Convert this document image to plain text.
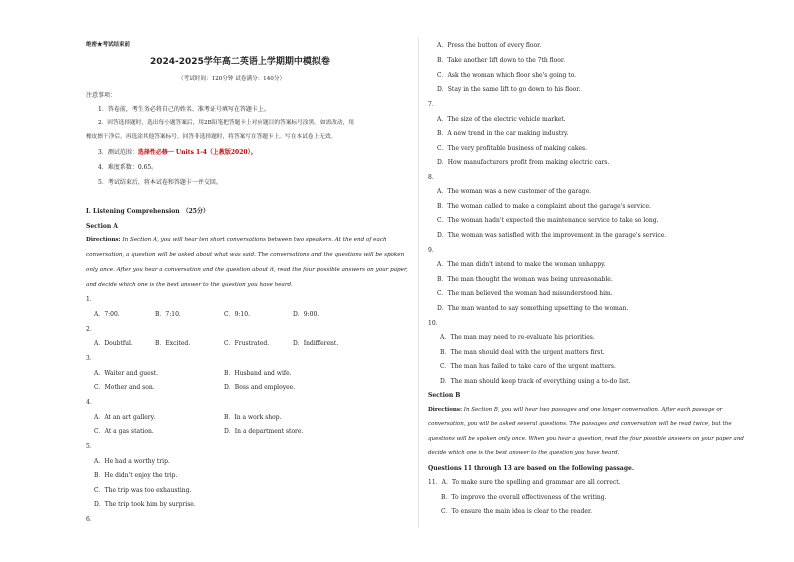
绝密★考试结束前
2024-2025学年高二英语上学期期中模拟卷
（考试时间：120分钟 试卷满分：140分）
注意事项：
1．答卷前，考生务必将自己的姓名、准考证号填写在答题卡上。
2．回答选择题时，选出每小题答案后，用2B铅笔把答题卡上对应题目的答案标号涂黑。如需改动，用
橡皮擦干净后，再选涂其他答案标号。回答非选择题时，将答案写在答题卡上。写在本试卷上无效。
3．测试范围：选择性必修一 Units 1-4（上教版2020）。
4．难度系数：0.65。
5．考试结束后，将本试卷和答题卡一并交回。
I. Listening Comprehension　（25分）
Section A
Directions: In Section A, you will hear ten short conversations between two speakers. At the end of each
conversation, a question will be asked about what was said. The conversations and the questions will be spoken
only once. After you hear a conversation and the question about it, read the four possible answers on your paper,
and decide which one is the best answer to the question you have heard.
1．
A．7:00.	B．7:10.	C．9:10.	D．9:00.
2．
A．Doubtful.	B．Excited.	C．Frustrated.	D．Indifferent.
3．
A．Waiter and guest.	B．Husband and wife.
C．Mother and son.	D．Boss and employee.
4．
A．At an art gallery.	B．In a work shop.
C．At a gas station.	D．In a department store.
5．
A．He had a worthy trip.
B．He didn't enjoy the trip.
C．The trip was too exhausting.
D．The trip took him by surprise.
6．
A．Press the button of every floor.
B．Take another lift down to the 7th floor.
C．Ask the woman which floor she's going to.
D．Stay in the same lift to go down to his floor.
7．
A．The size of the electric vehicle market.
B．A new trend in the car making industry.
C．The very profitable business of making cakes.
D．How manufacturers profit from making electric cars.
8．
A．The woman was a new customer of the garage.
B．The woman called to make a complaint about the garage's service.
C．The woman hadn't expected the maintenance service to take so long.
D．The woman was satisfied with the improvement in the garage's service.
9．
A．The man didn't intend to make the woman unhappy.
B．The man thought the woman was being unreasonable.
C．The man believed the woman had misunderstood him.
D．The man wanted to say something upsetting to the woman.
10．
A．The man may need to re-evaluate his priorities.
B．The man should deal with the urgent matters first.
C．The man has failed to take care of the urgent matters.
D．The man should keep track of everything using a to-do list.
Section B
Directions: In Section B, you will hear two passages and one longer conversation. After each passage or
conversation, you will be asked several questions. The passages and conversation will be read twice, but the
questions will be spoken only once. When you hear a question, read the four possible answers on your paper and
decide which one is the best answer to the question you have heard.
Questions 11 through 13 are based on the following passage.
11．A．To make sure the spelling and grammar are all correct.
B．To improve the overall effectiveness of the writing.
C．To ensure the main idea is clear to the reader.
